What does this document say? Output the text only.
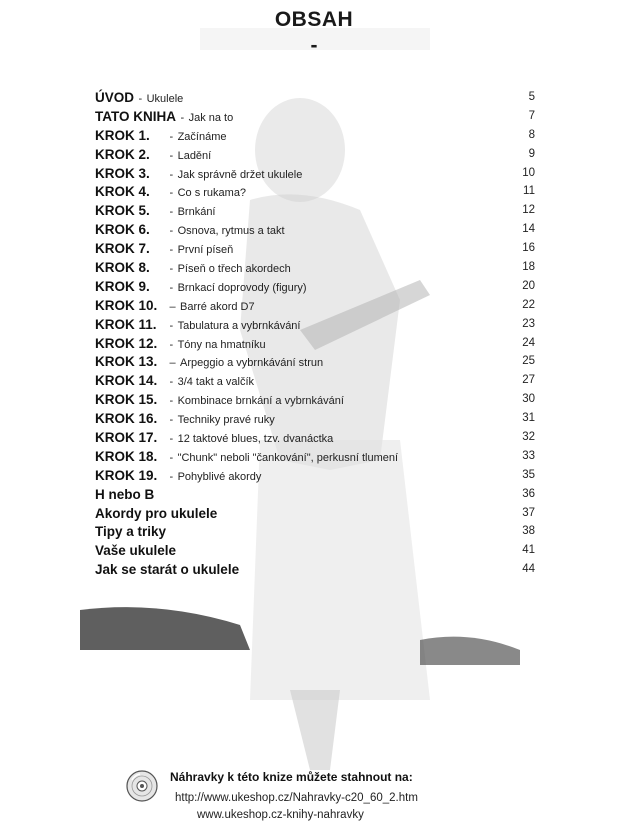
OBSAH
-
ÚVOD - Ukulele	5
TATO KNIHA - Jak na to	7
KROK 1. - Začínáme	8
KROK 2. - Ladění	9
KROK 3. - Jak správně držet ukulele	10
KROK 4. - Co s rukama?	11
KROK 5. - Brnkání	12
KROK 6. - Osnova, rytmus a takt	14
KROK 7. - První píseň	16
KROK 8. - Píseň o třech akordech	18
KROK 9. - Brnkací doprovody (figury)	20
KROK 10. – Barré akord D7	22
KROK 11. - Tabulatura a vybrnkávání	23
KROK 12. - Tóny na hmatníku	24
KROK 13. – Arpeggio a vybrnkávání strun	25
KROK 14. - 3/4 takt a valčík	27
KROK 15. - Kombinace brnkání a vybrnkávání	30
KROK 16. - Techniky pravé ruky	31
KROK 17. - 12 taktové blues, tzv. dvanáctka	32
KROK 18. - "Chunk" neboli "čankování", perkusní tlumení	33
KROK 19. - Pohyblivé akordy	35
H nebo B	36
Akordy pro ukulele	37
Tipy a triky	38
Vaše ukulele	41
Jak se starát o ukulele	44
Náhravky k této knize můžete stahnout na:
http://www.ukeshop.cz/Nahravky-c20_60_2.htm
www.ukeshop.cz-knihy-nahravky
